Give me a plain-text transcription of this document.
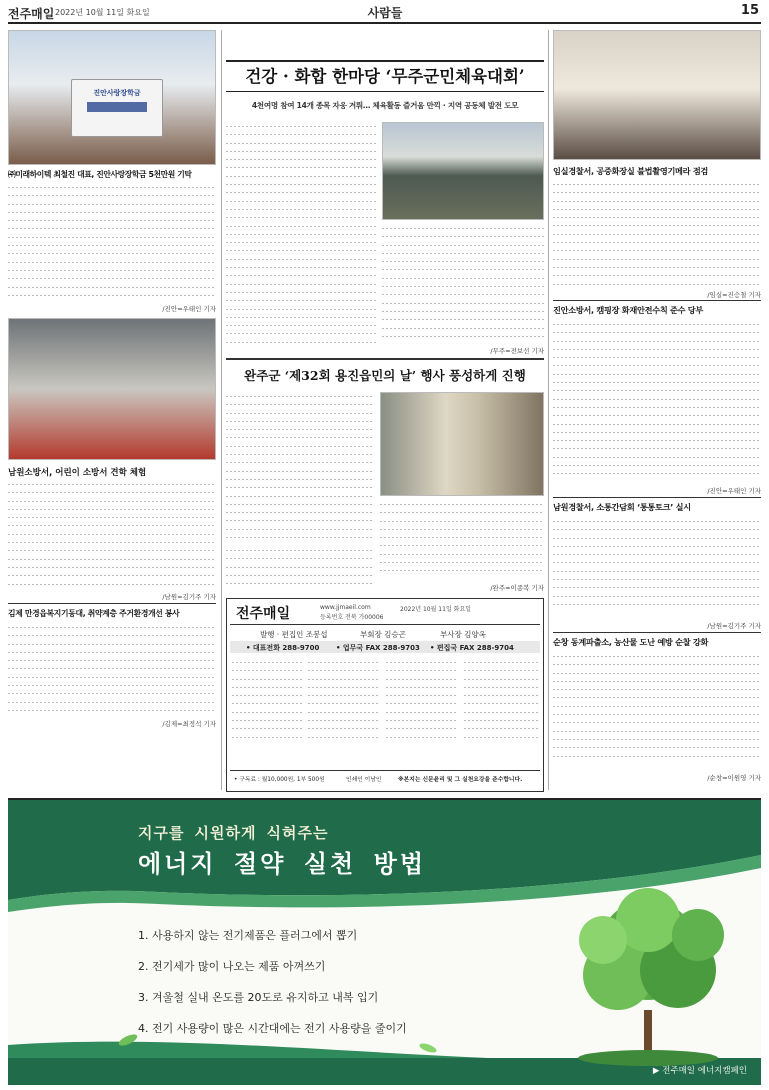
전주매일 2022년 10월 11일 화요일	사람들	15
진안사랑장학금
㈜미래하이텍 최철진 대표, 진안사랑장학금 5천만원 기탁
/진안=우태인 기자
남원소방서, 어린이 소방서 견학 체험
/남원=김기주 기자
김제 만경읍복지기동대, 취약계층 주거환경개선 봉사
/김제=최정석 기자
건강 · 화합 한마당 ‘무주군민체육대회’
4천여명 참여 14개 종목 자웅 겨뤄… 체육활동 즐거움 만끽 · 지역 공동체 발전 도모
/무주=전보선 기자
완주군 ‘제32회 용진읍민의 날’ 행사 풍성하게 진행
/완주=이종복 기자
전주매일	www.jjmaeil.com
등록번호 전북 가00006
2022년 10월 11일 화요일
발행 · 편집인 조봉섭	부회장 김승곤	부사장 김양옥
• 대표전화 288-9700 • 업무국 FAX 288-9703 • 편집국 FAX 288-9704
• 구독료 : 월10,000원, 1부 500원	인쇄인 이남인	※본지는 신문윤리 및 그 실천요강을 준수합니다.
임실경찰서, 공중화장실 불법촬영기메라 점검
/임실=진승철 기자
진안소방서, 캠핑장 화재안전수칙 준수 당부
/진안=우태인 기자
남원경찰서, 소통간담회 ‘통통토크’ 실시
/남원=김기주 기자
순창 동계파출소, 농산물 도난 예방 순찰 강화
/순창=이원영 기자
지구를 시원하게 식혀주는
에너지 절약 실천 방법
1. 사용하지 않는 전기제품은 플러그에서 뽑기
2. 전기세가 많이 나오는 제품 아껴쓰기
3. 겨울철 실내 온도를 20도로 유지하고 내복 입기
4. 전기 사용량이 많은 시간대에는 전기 사용량을 줄이기
▶ 전주매일 에너지캠페인
